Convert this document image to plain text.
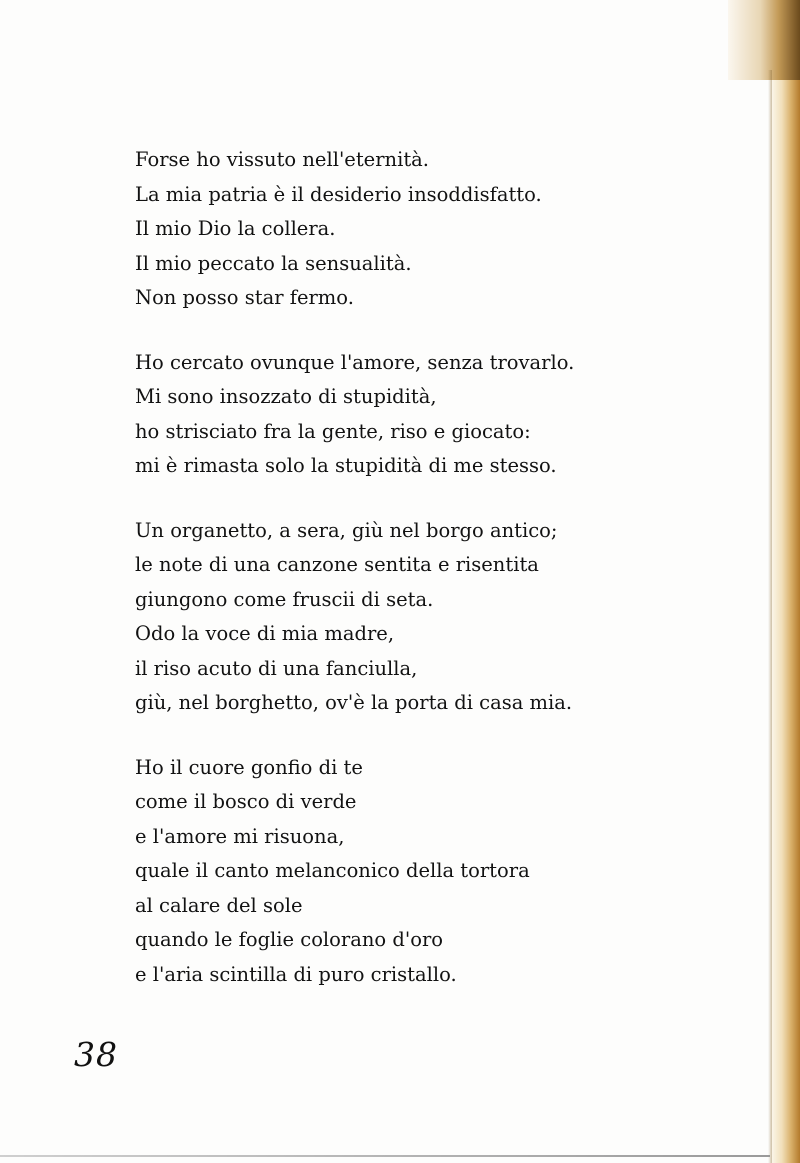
Forse ho vissuto nell'eternità.
La mia patria è il desiderio insoddisfatto.
Il mio Dio la collera.
Il mio peccato la sensualità.
Non posso star fermo.
Ho cercato ovunque l'amore, senza trovarlo.
Mi sono insozzato di stupidità,
ho strisciato fra la gente, riso e giocato:
mi è rimasta solo la stupidità di me stesso.
Un organetto, a sera, giù nel borgo antico;
le note di una canzone sentita e risentita
giungono come fruscii di seta.
Odo la voce di mia madre,
il riso acuto di una fanciulla,
giù, nel borghetto, ov'è la porta di casa mia.
Ho il cuore gonfio di te
come il bosco di verde
e l'amore mi risuona,
quale il canto melanconico della tortora
al calare del sole
quando le foglie colorano d'oro
e l'aria scintilla di puro cristallo.
38
